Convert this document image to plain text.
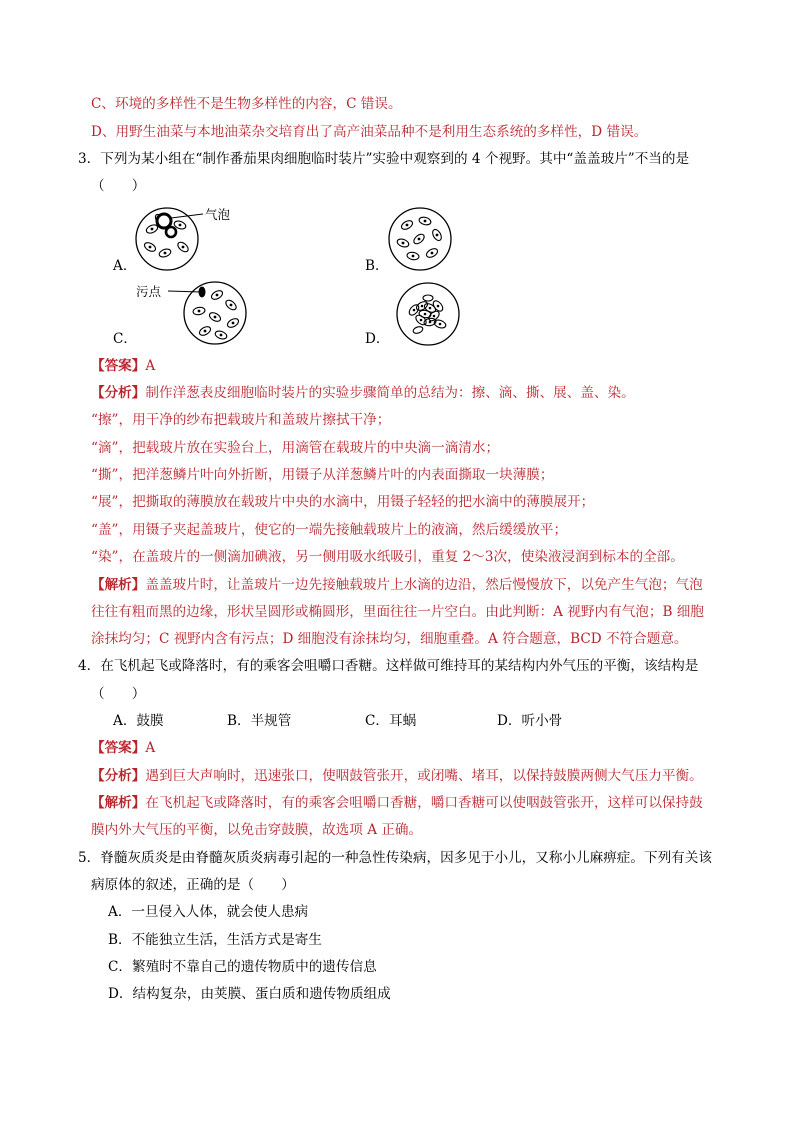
C、环境的多样性不是生物多样性的内容，C 错误。
D、用野生油菜与本地油菜杂交培育出了高产油菜品种不是利用生态系统的多样性，D 错误。
3．下列为某小组在“制作番茄果肉细胞临时装片”实验中观察到的 4 个视野。其中“盖盖玻片”不当的是
（　　）
A．
气泡
B．
C．
污点
D．
【答案】A
【分析】制作洋葱表皮细胞临时装片的实验步骤简单的总结为：擦、滴、撕、展、盖、染。
“擦”，用干净的纱布把载玻片和盖玻片擦拭干净；
“滴”，把载玻片放在实验台上，用滴管在载玻片的中央滴一滴清水；
“撕”，把洋葱鳞片叶向外折断，用镊子从洋葱鳞片叶的内表面撕取一块薄膜；
“展”，把撕取的薄膜放在载玻片中央的水滴中，用镊子轻轻的把水滴中的薄膜展开；
“盖”，用镊子夹起盖玻片，使它的一端先接触载玻片上的液滴，然后缓缓放平；
“染”，在盖玻片的一侧滴加碘液，另一侧用吸水纸吸引，重复 2～3次，使染液浸润到标本的全部。
【解析】盖盖玻片时，让盖玻片一边先接触载玻片上水滴的边沿，然后慢慢放下，以免产生气泡；气泡
往往有粗而黑的边缘，形状呈圆形或椭圆形，里面往往一片空白。由此判断：A 视野内有气泡；B 细胞
涂抹均匀；C 视野内含有污点；D 细胞没有涂抹均匀，细胞重叠。A 符合题意，BCD 不符合题意。
4．在飞机起飞或降落时，有的乘客会咀嚼口香糖。这样做可维持耳的某结构内外气压的平衡，该结构是
（　　）
A．鼓膜	B．半规管	C．耳蜗	D．听小骨
【答案】A
【分析】遇到巨大声响时，迅速张口，使咽鼓管张开，或闭嘴、堵耳，以保持鼓膜两侧大气压力平衡。
【解析】在飞机起飞或降落时，有的乘客会咀嚼口香糖，嚼口香糖可以使咽鼓管张开，这样可以保持鼓
膜内外大气压的平衡，以免击穿鼓膜，故选项 A 正确。
5．脊髓灰质炎是由脊髓灰质炎病毒引起的一种急性传染病，因多见于小儿，又称小儿麻痹症。下列有关该
病原体的叙述，正确的是（　　）
A．一旦侵入人体，就会使人患病
B．不能独立生活，生活方式是寄生
C．繁殖时不靠自己的遗传物质中的遗传信息
D．结构复杂，由荚膜、蛋白质和遗传物质组成
